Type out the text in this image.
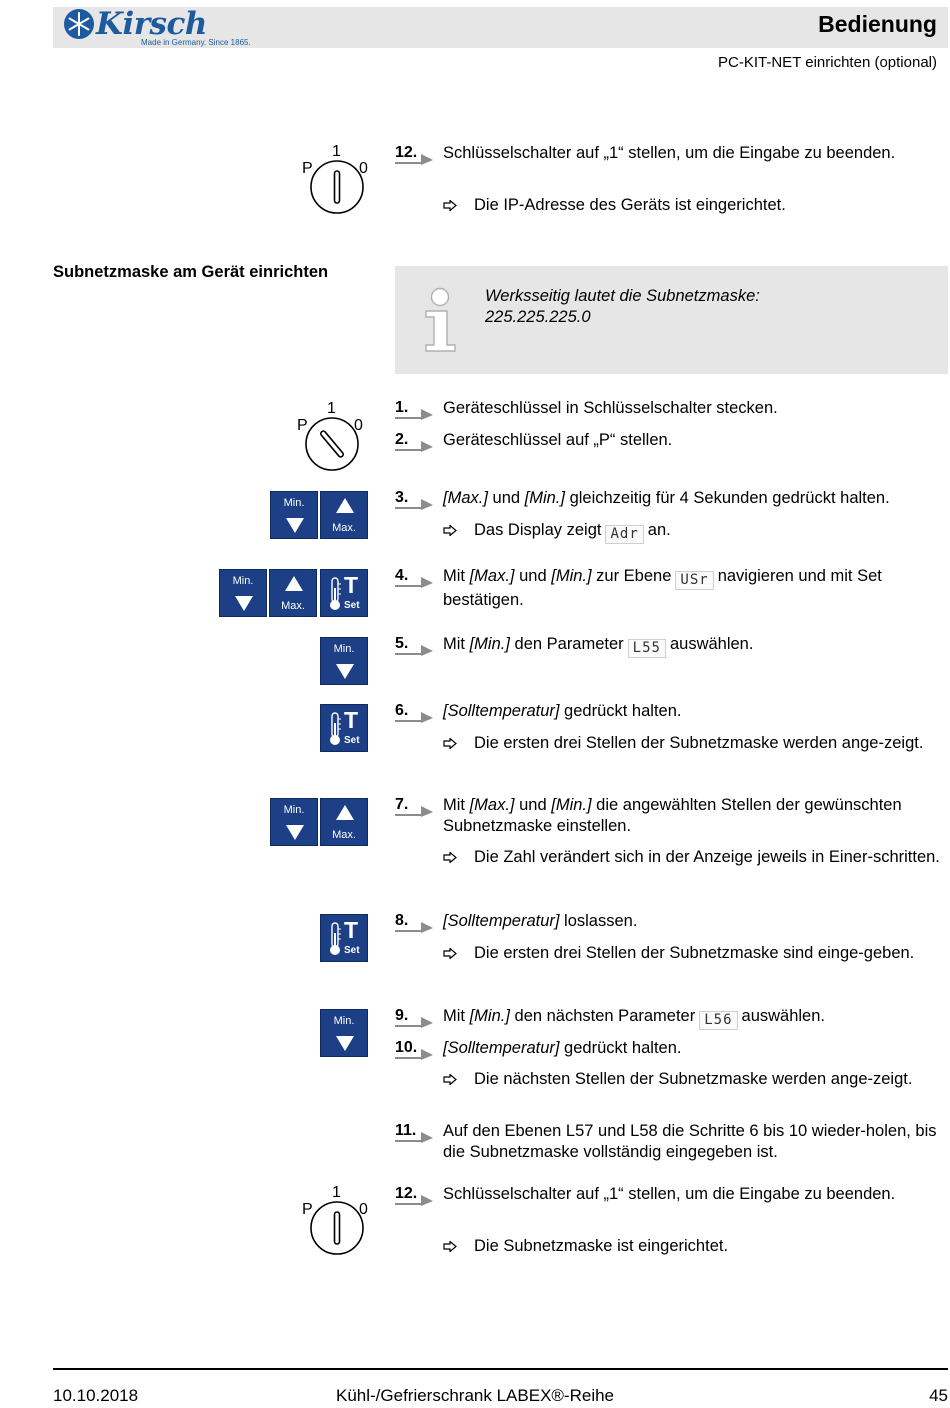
Kirsch
Made in Germany. Since 1865.
Bedienung
PC-KIT-NET einrichten (optional)
1
P	0
12. Schlüsselschalter auf „1“ stellen, um die Eingabe zu beenden.
Die IP-Adresse des Geräts ist eingerichtet.
Subnetzmaske am Gerät einrichten
Werksseitig lautet die Subnetzmaske:
225.225.225.0
1
P	0
1. Geräteschlüssel in Schlüsselschalter stecken.
2. Geräteschlüssel auf „P“ stellen.
Min.
Max.
3. [Max.] und [Min.] gleichzeitig für 4 Sekunden gedrückt halten.
Das Display zeigt Adr an.
Min.
Max.
T
Set
4. Mit [Max.] und [Min.] zur Ebene USr navigieren und mit Set bestätigen.
Min.	5. Mit [Min.] den Parameter L55 auswählen.
T
Set
6. [Solltemperatur] gedrückt halten.
Die ersten drei Stellen der Subnetzmaske werden ange-zeigt.
Min.
Max.
7. Mit [Max.] und [Min.] die angewählten Stellen der gewünschten Subnetzmaske einstellen.
Die Zahl verändert sich in der Anzeige jeweils in Einer-schritten.
T
Set
8. [Solltemperatur] loslassen.
Die ersten drei Stellen der Subnetzmaske sind einge-geben.
Min.	9. Mit [Min.] den nächsten Parameter L56 auswählen.
10. [Solltemperatur] gedrückt halten.
Die nächsten Stellen der Subnetzmaske werden ange-zeigt.
11. Auf den Ebenen L57 und L58 die Schritte 6 bis 10 wieder-holen, bis die Subnetzmaske vollständig eingegeben ist.
1
P	0
12. Schlüsselschalter auf „1“ stellen, um die Eingabe zu beenden.
Die Subnetzmaske ist eingerichtet.
10.10.2018	Kühl-/Gefrierschrank LABEX®-Reihe	45
